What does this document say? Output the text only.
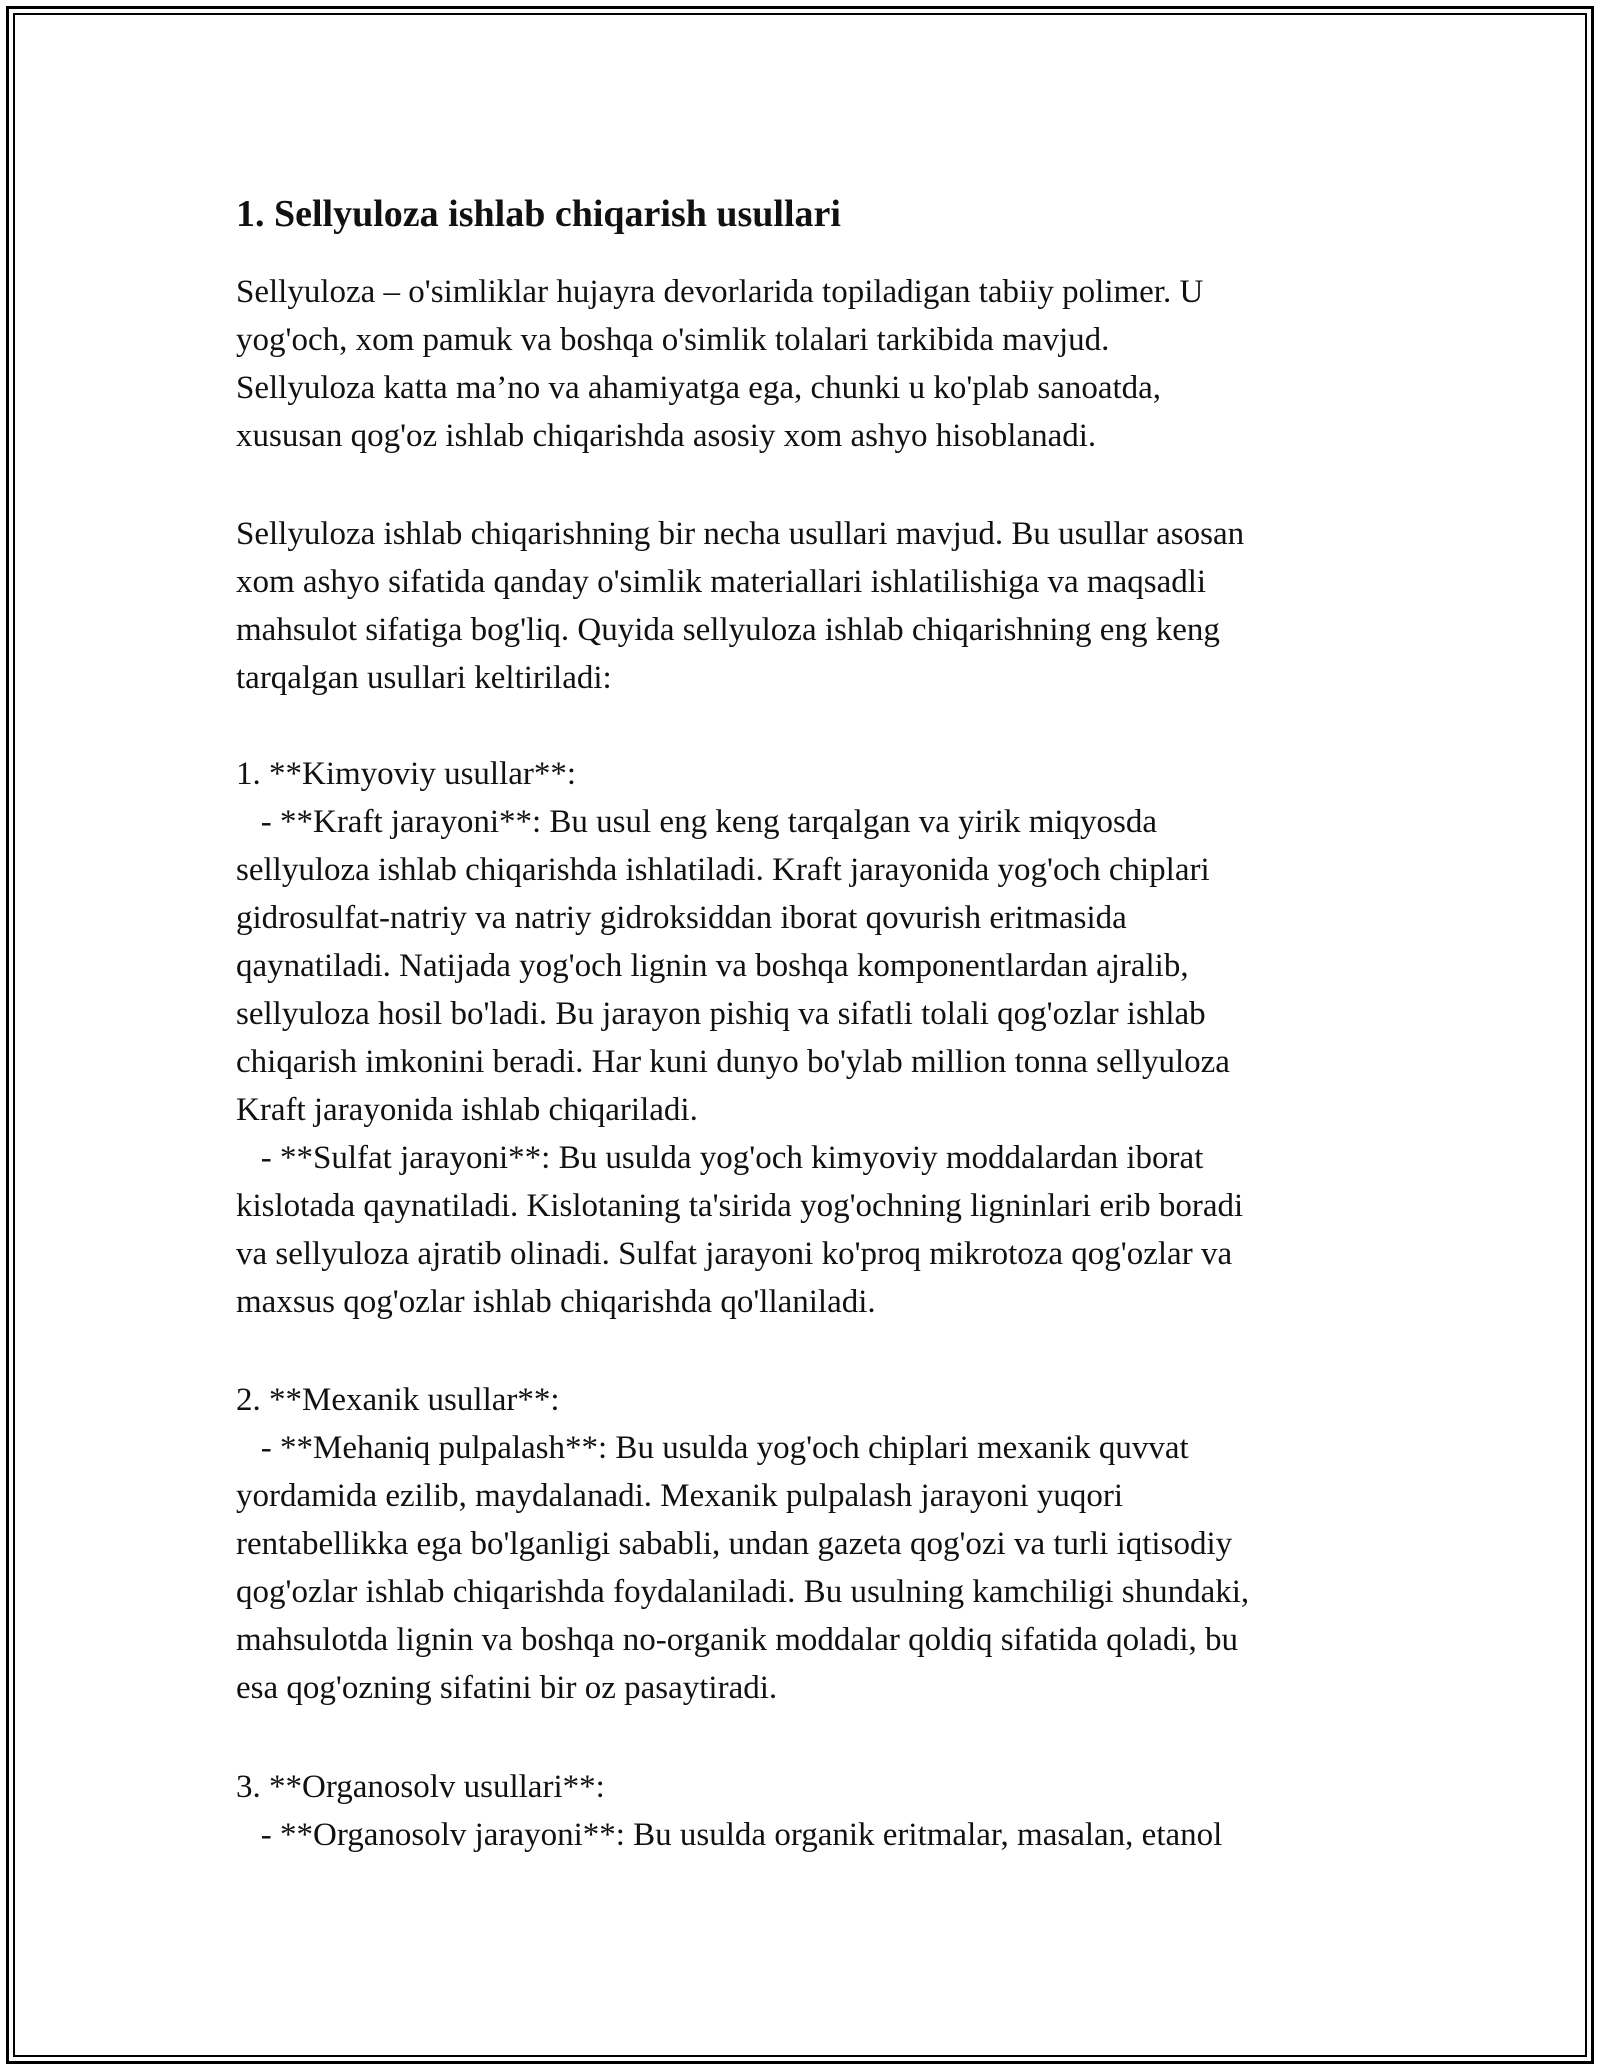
1. Sellyuloza ishlab chiqarish usullari
Sellyuloza – o'simliklar hujayra devorlarida topiladigan tabiiy polimer. U
yog'och, xom pamuk va boshqa o'simlik tolalari tarkibida mavjud.
Sellyuloza katta ma’no va ahamiyatga ega, chunki u ko'plab sanoatda,
xususan qog'oz ishlab chiqarishda asosiy xom ashyo hisoblanadi.
Sellyuloza ishlab chiqarishning bir necha usullari mavjud. Bu usullar asosan
xom ashyo sifatida qanday o'simlik materiallari ishlatilishiga va maqsadli
mahsulot sifatiga bog'liq. Quyida sellyuloza ishlab chiqarishning eng keng
tarqalgan usullari keltiriladi:
1. **Kimyoviy usullar**:
- **Kraft jarayoni**: Bu usul eng keng tarqalgan va yirik miqyosda
sellyuloza ishlab chiqarishda ishlatiladi. Kraft jarayonida yog'och chiplari
gidrosulfat-natriy va natriy gidroksiddan iborat qovurish eritmasida
qaynatiladi. Natijada yog'och lignin va boshqa komponentlardan ajralib,
sellyuloza hosil bo'ladi. Bu jarayon pishiq va sifatli tolali qog'ozlar ishlab
chiqarish imkonini beradi. Har kuni dunyo bo'ylab million tonna sellyuloza
Kraft jarayonida ishlab chiqariladi.
- **Sulfat jarayoni**: Bu usulda yog'och kimyoviy moddalardan iborat
kislotada qaynatiladi. Kislotaning ta'sirida yog'ochning ligninlari erib boradi
va sellyuloza ajratib olinadi. Sulfat jarayoni ko'proq mikrotoza qog'ozlar va
maxsus qog'ozlar ishlab chiqarishda qo'llaniladi.
2. **Mexanik usullar**:
- **Mehaniq pulpalash**: Bu usulda yog'och chiplari mexanik quvvat
yordamida ezilib, maydalanadi. Mexanik pulpalash jarayoni yuqori
rentabellikka ega bo'lganligi sababli, undan gazeta qog'ozi va turli iqtisodiy
qog'ozlar ishlab chiqarishda foydalaniladi. Bu usulning kamchiligi shundaki,
mahsulotda lignin va boshqa no-organik moddalar qoldiq sifatida qoladi, bu
esa qog'ozning sifatini bir oz pasaytiradi.
3. **Organosolv usullari**:
- **Organosolv jarayoni**: Bu usulda organik eritmalar, masalan, etanol
